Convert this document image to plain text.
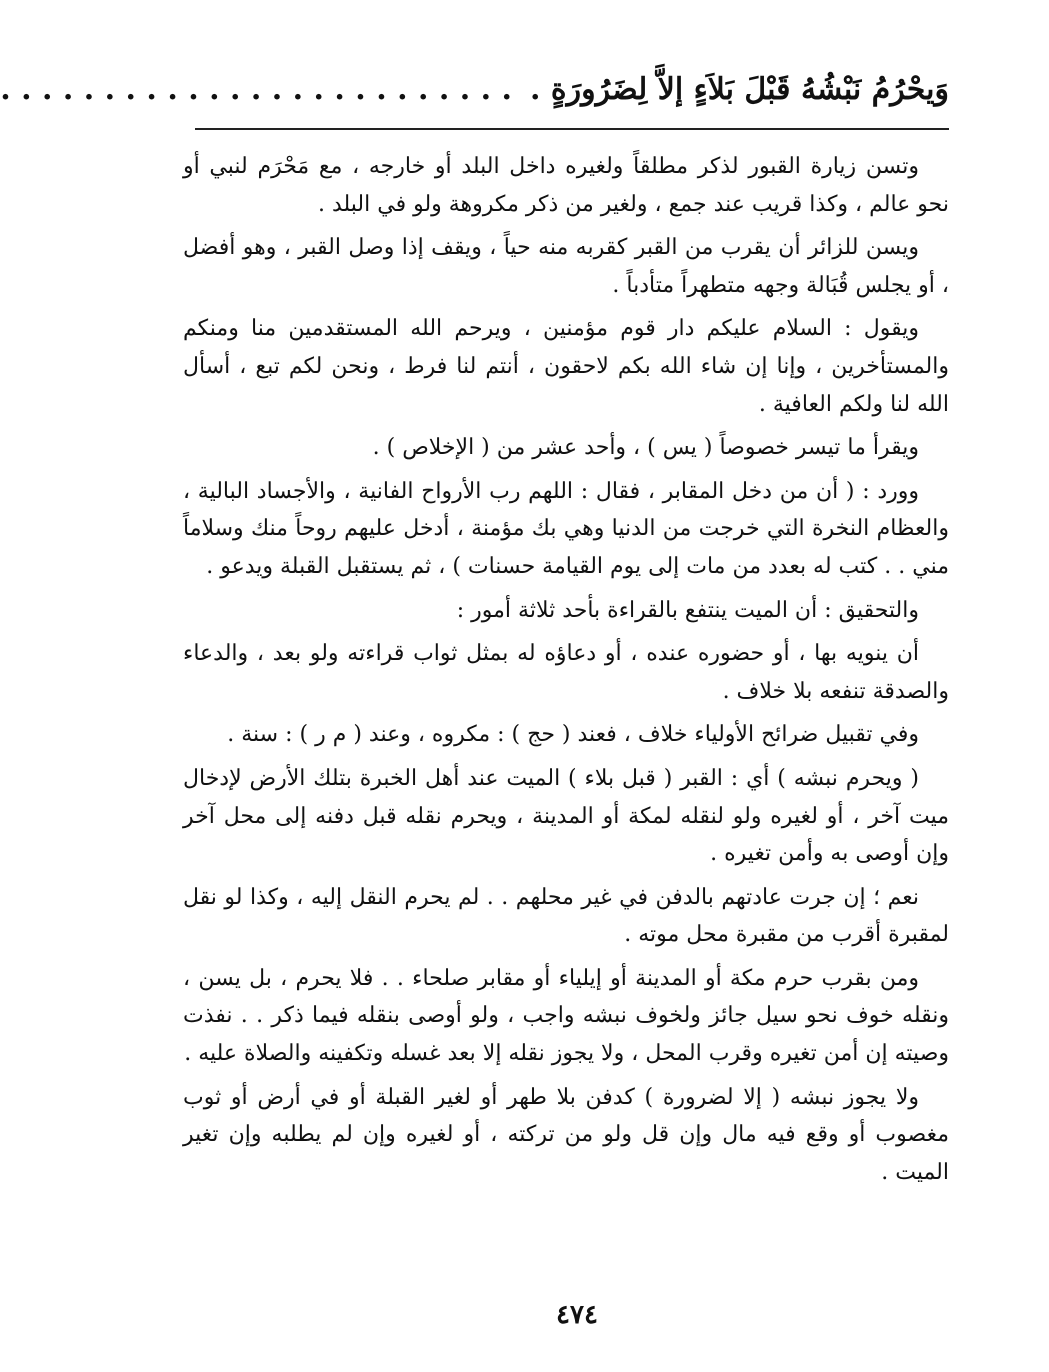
وَيحْرُمُ نَبْشُهُ قَبْلَ بَلاَءٍ إلاَّ لِضَرُورَةٍ .
. . . . . . . . . . . . . . . . . . . . . . . . .

وتسن زيارة القبور لذكر مطلقاً ولغيره داخل البلد أو خارجه ، مع مَحْرَم لنبي أو نحو عالم ، وكذا قريب عند جمع ، ولغير من ذكر مكروهة ولو في البلد .

ويسن للزائر أن يقرب من القبر كقربه منه حياً ، ويقف إذا وصل القبر ، وهو أفضل ، أو يجلس قُبَالة وجهه متطهراً متأدباً .

ويقول : السلام عليكم دار قوم مؤمنين ، ويرحم الله المستقدمين منا ومنكم والمستأخرين ، وإنا إن شاء الله بكم لاحقون ، أنتم لنا فرط ، ونحن لكم تبع ، أسأل الله لنا ولكم العافية .

ويقرأ ما تيسر خصوصاً ( يس ) ، وأحد عشر من ( الإخلاص ) .

وورد : ( أن من دخل المقابر ، فقال : اللهم رب الأرواح الفانية ، والأجساد البالية ، والعظام النخرة التي خرجت من الدنيا وهي بك مؤمنة ، أدخل عليهم روحاً منك وسلاماً مني . . كتب له بعدد من مات إلى يوم القيامة حسنات ) ، ثم يستقبل القبلة ويدعو .

والتحقيق : أن الميت ينتفع بالقراءة بأحد ثلاثة أمور :

أن ينويه بها ، أو حضوره عنده ، أو دعاؤه له بمثل ثواب قراءته ولو بعد ، والدعاء والصدقة تنفعه بلا خلاف .

وفي تقبيل ضرائح الأولياء خلاف ، فعند ( حج ) : مكروه ، وعند ( م ر ) : سنة .

( ويحرم نبشه ) أي : القبر ( قبل بلاء ) الميت عند أهل الخبرة بتلك الأرض لإدخال ميت آخر ، أو لغيره ولو لنقله لمكة أو المدينة ، ويحرم نقله قبل دفنه إلى محل آخر وإن أوصى به وأمن تغيره .

نعم ؛ إن جرت عادتهم بالدفن في غير محلهم . . لم يحرم النقل إليه ، وكذا لو نقل لمقبرة أقرب من مقبرة محل موته .

ومن بقرب حرم مكة أو المدينة أو إيلياء أو مقابر صلحاء . . فلا يحرم ، بل يسن ، ونقله خوف نحو سيل جائز ولخوف نبشه واجب ، ولو أوصى بنقله فيما ذكر . . نفذت وصيته إن أمن تغيره وقرب المحل ، ولا يجوز نقله إلا بعد غسله وتكفينه والصلاة عليه .

ولا يجوز نبشه ( إلا لضرورة ) كدفن بلا طهر أو لغير القبلة أو في أرض أو ثوب مغصوب أو وقع فيه مال وإن قل ولو من تركته ، أو لغيره وإن لم يطلبه وإن تغير الميت .

٤٧٤
